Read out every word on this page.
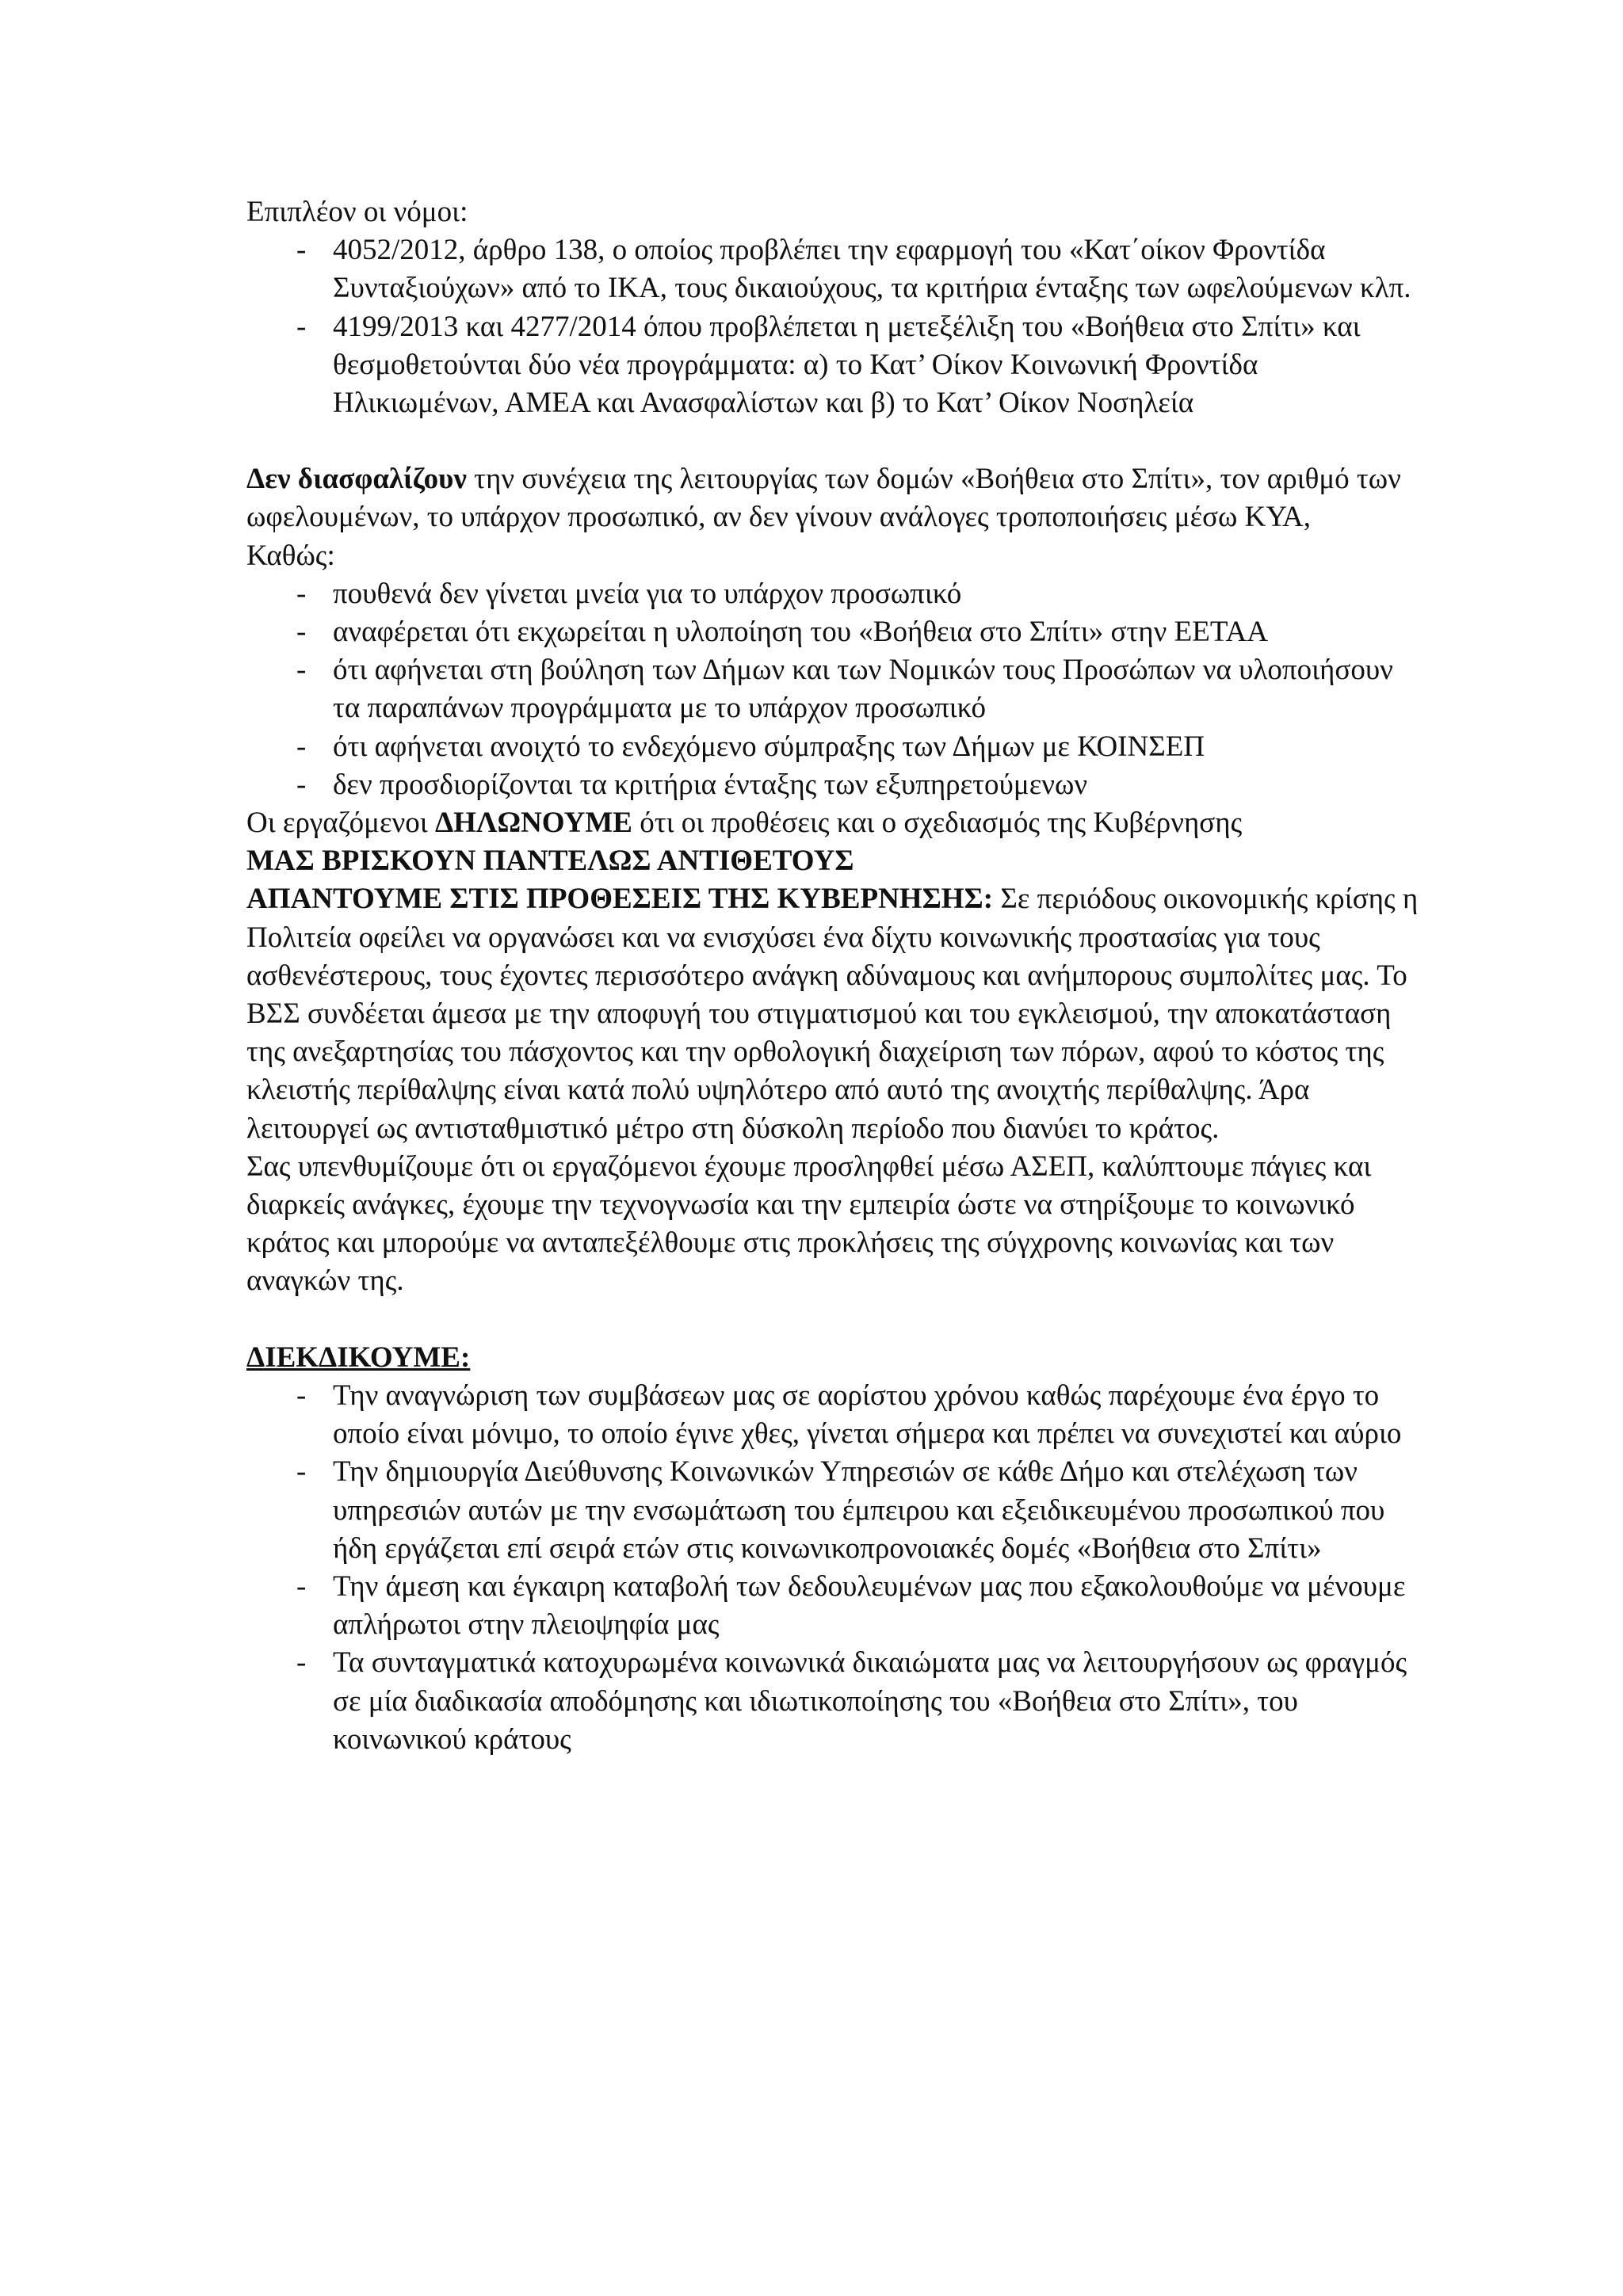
Επιπλέον οι νόμοι:

- 4052/2012, άρθρο 138, ο οποίος προβλέπει την εφαρμογή του «Κατ΄οίκον Φροντίδα Συνταξιούχων» από το ΙΚΑ, τους δικαιούχους, τα κριτήρια ένταξης των ωφελούμενων κλπ.
- 4199/2013 και 4277/2014 όπου προβλέπεται η μετεξέλιξη του «Βοήθεια στο Σπίτι» και θεσμοθετούνται δύο νέα προγράμματα: α) το Κατ’ Οίκον Κοινωνική Φροντίδα Ηλικιωμένων, ΑΜΕΑ και Ανασφαλίστων και β) το Κατ’ Οίκον Νοσηλεία

Δεν διασφαλίζουν την συνέχεια της λειτουργίας των δομών «Βοήθεια στο Σπίτι», τον αριθμό των ωφελουμένων, το υπάρχον προσωπικό, αν δεν γίνουν ανάλογες τροποποιήσεις μέσω ΚΥΑ,

Καθώς:

- πουθενά δεν γίνεται μνεία για το υπάρχον προσωπικό
- αναφέρεται ότι εκχωρείται η υλοποίηση του «Βοήθεια στο Σπίτι» στην ΕΕΤΑΑ
- ότι αφήνεται στη βούληση των Δήμων και των Νομικών τους Προσώπων να υλοποιήσουν τα παραπάνων προγράμματα με το υπάρχον προσωπικό
- ότι αφήνεται ανοιχτό το ενδεχόμενο σύμπραξης των Δήμων με ΚΟΙΝΣΕΠ
- δεν προσδιορίζονται τα κριτήρια ένταξης των εξυπηρετούμενων

Οι εργαζόμενοι ΔΗΛΩΝΟΥΜΕ ότι οι προθέσεις και ο σχεδιασμός της Κυβέρνησης

ΜΑΣ ΒΡΙΣΚΟΥΝ ΠΑΝΤΕΛΩΣ ΑΝΤΙΘΕΤΟΥΣ

ΑΠΑΝΤΟΥΜΕ ΣΤΙΣ ΠΡΟΘΕΣΕΙΣ ΤΗΣ ΚΥΒΕΡΝΗΣΗΣ: Σε περιόδους οικονομικής κρίσης η Πολιτεία οφείλει να οργανώσει και να ενισχύσει ένα δίχτυ κοινωνικής προστασίας για τους ασθενέστερους, τους έχοντες περισσότερο ανάγκη αδύναμους και ανήμπορους συμπολίτες μας. Το ΒΣΣ συνδέεται άμεσα με την αποφυγή του στιγματισμού και του εγκλεισμού, την αποκατάσταση της ανεξαρτησίας του πάσχοντος και την ορθολογική διαχείριση των πόρων, αφού το κόστος της κλειστής περίθαλψης είναι κατά πολύ υψηλότερο από αυτό της ανοιχτής περίθαλψης. Άρα λειτουργεί ως αντισταθμιστικό μέτρο στη δύσκολη περίοδο που διανύει το κράτος.

Σας υπενθυμίζουμε ότι οι εργαζόμενοι έχουμε προσληφθεί μέσω ΑΣΕΠ, καλύπτουμε πάγιες και διαρκείς ανάγκες, έχουμε την τεχνογνωσία και την εμπειρία ώστε να στηρίξουμε το κοινωνικό κράτος και μπορούμε να ανταπεξέλθουμε στις προκλήσεις της σύγχρονης κοινωνίας και των αναγκών της.

ΔΙΕΚΔΙΚΟΥΜΕ:

- Την αναγνώριση των συμβάσεων μας σε αορίστου χρόνου καθώς παρέχουμε ένα έργο το οποίο είναι μόνιμο, το οποίο έγινε χθες, γίνεται σήμερα και πρέπει να συνεχιστεί και αύριο
- Την δημιουργία Διεύθυνσης Κοινωνικών Υπηρεσιών σε κάθε Δήμο και στελέχωση των υπηρεσιών αυτών με την ενσωμάτωση του έμπειρου και εξειδικευμένου προσωπικού που ήδη εργάζεται επί σειρά ετών στις κοινωνικοπρονοιακές δομές «Βοήθεια στο Σπίτι»
- Την άμεση και έγκαιρη καταβολή των δεδουλευμένων μας που εξακολουθούμε να μένουμε απλήρωτοι στην πλειοψηφία μας
- Τα συνταγματικά κατοχυρωμένα κοινωνικά δικαιώματα μας να λειτουργήσουν ως φραγμός σε μία διαδικασία αποδόμησης και ιδιωτικοποίησης του «Βοήθεια στο Σπίτι», του κοινωνικού κράτους
